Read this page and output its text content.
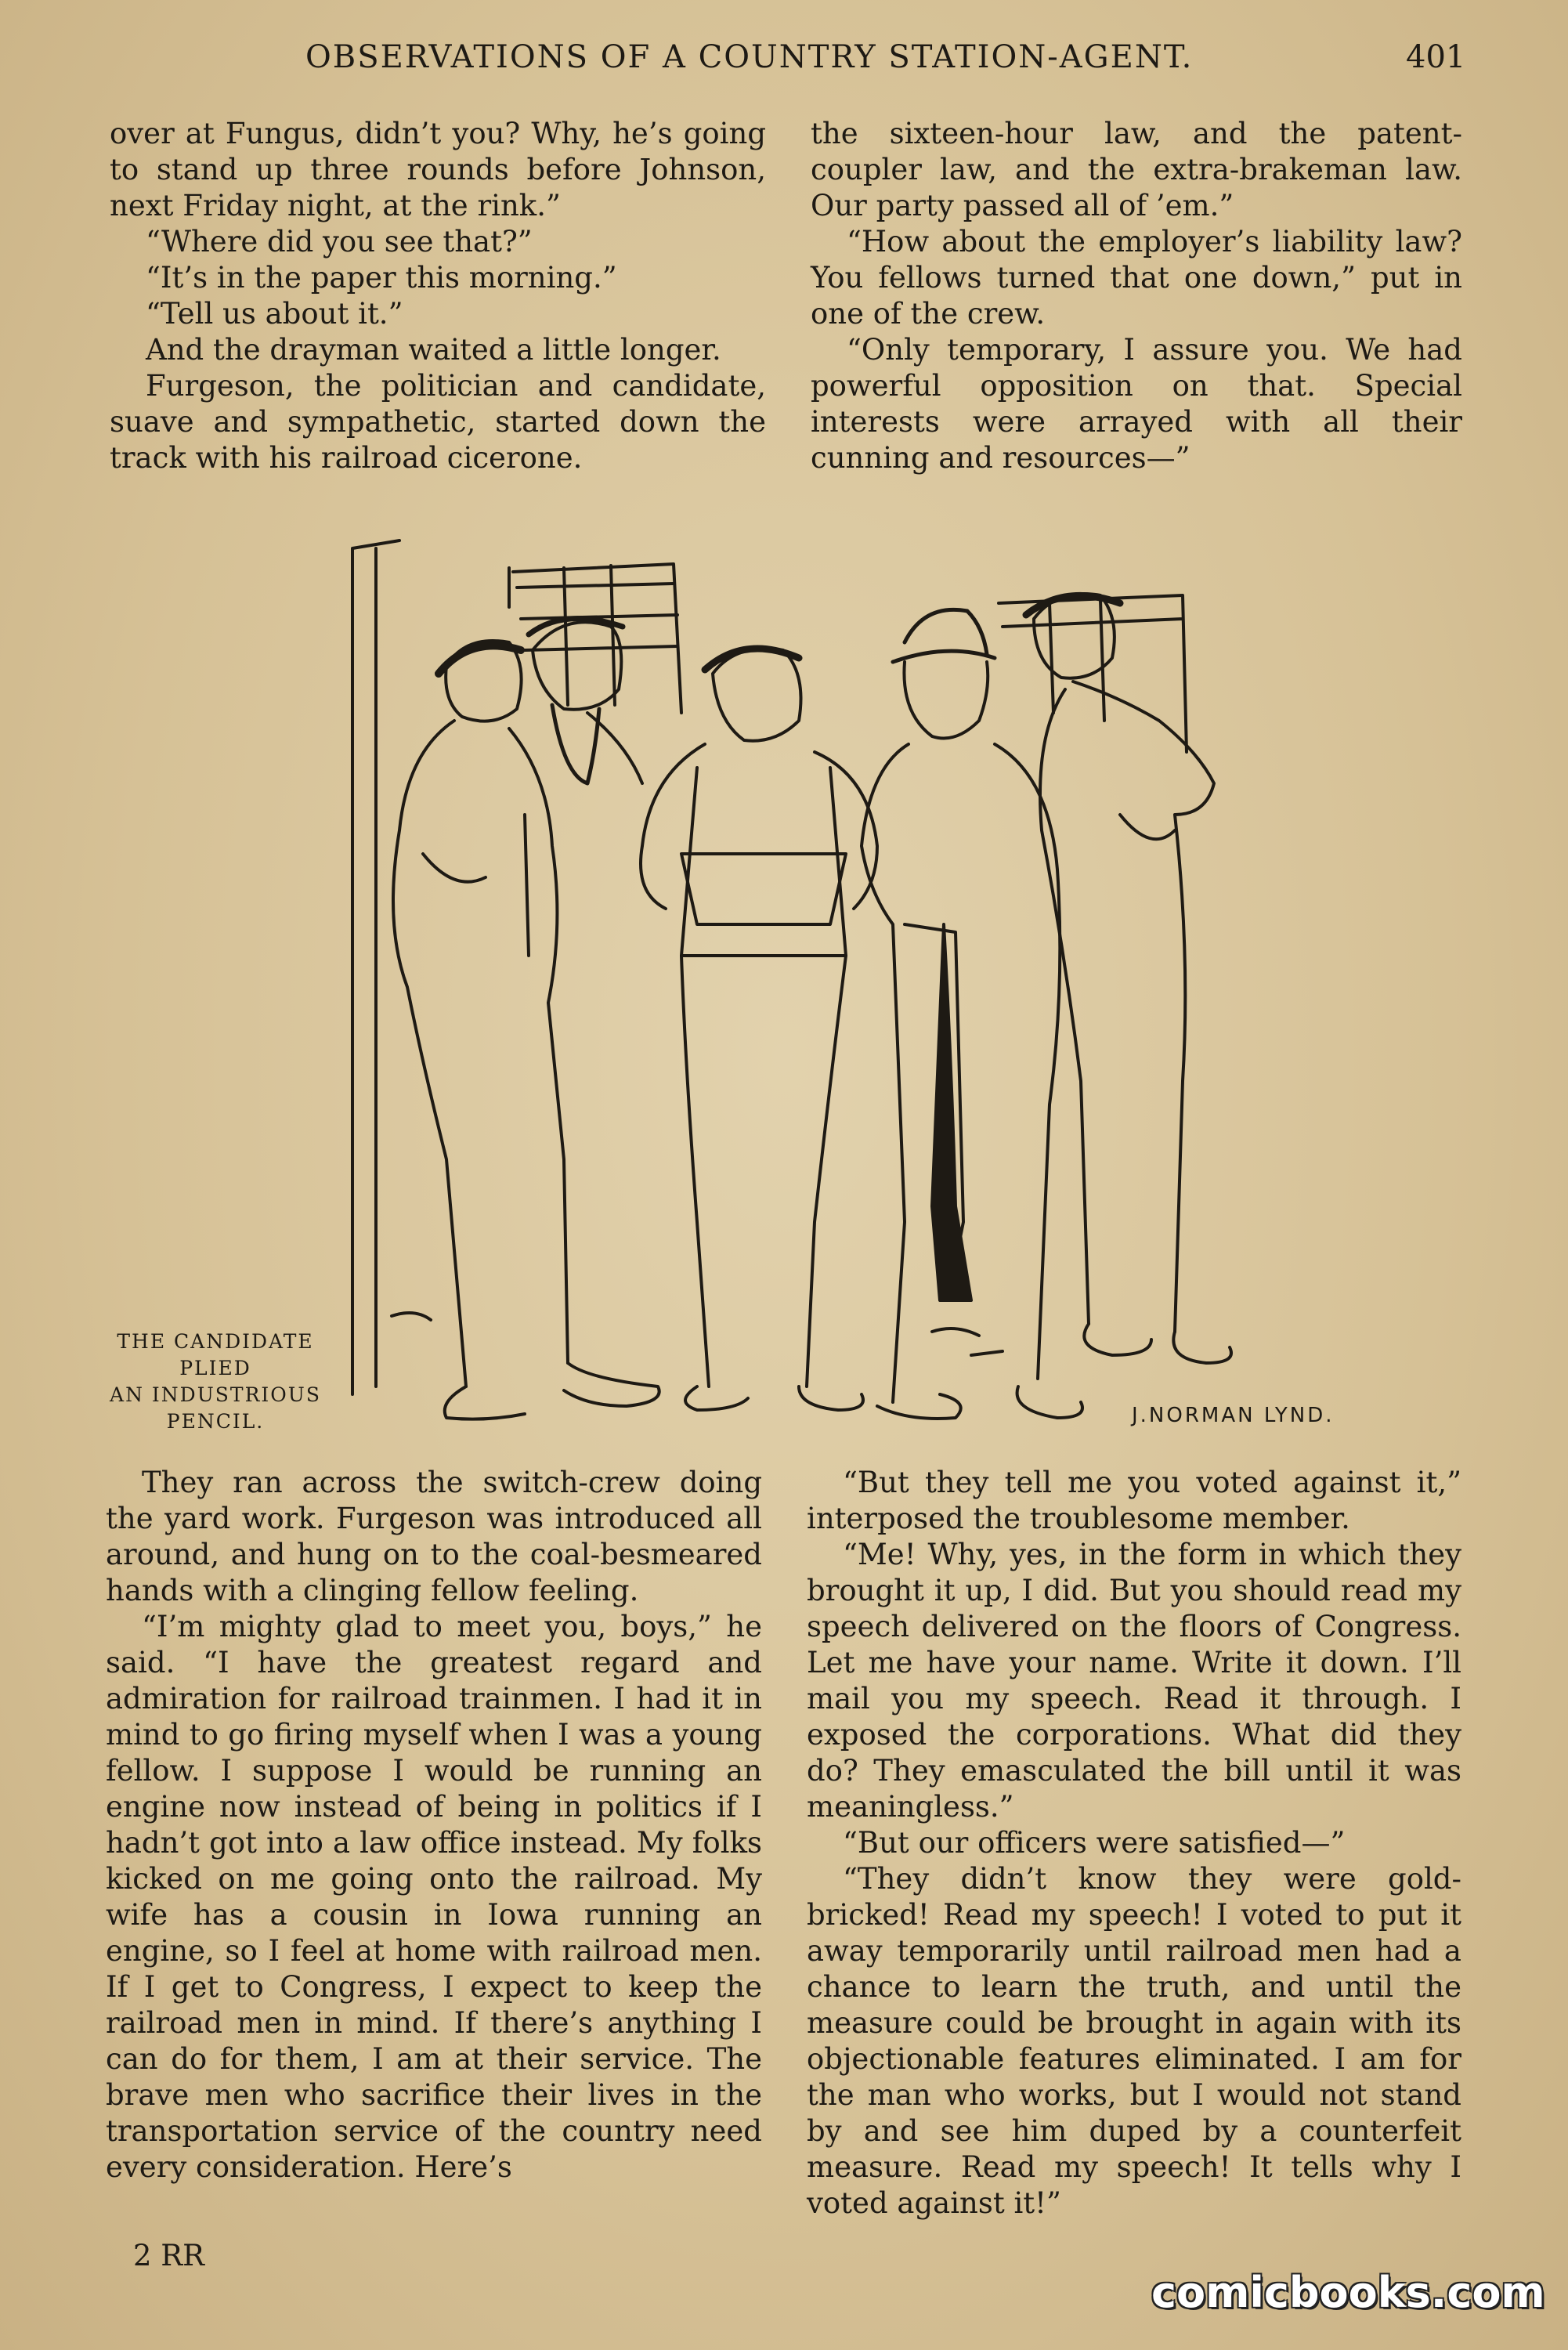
OBSERVATIONS OF A COUNTRY STATION-AGENT.	401

over at Fungus, didn’t you? Why, he’s going to stand up three rounds before Johnson, next Friday night, at the rink.”

“Where did you see that?”

“It’s in the paper this morning.”

“Tell us about it.”

And the drayman waited a little longer.

Furgeson, the politician and candidate, suave and sympathetic, started down the track with his railroad cicerone.

the sixteen-hour law, and the patent-coupler law, and the extra-brakeman law. Our party passed all of ’em.”

“How about the employer’s liability law? You fellows turned that one down,” put in one of the crew.

“Only temporary, I assure you. We had powerful opposition on that. Special interests were arrayed with all their cunning and resources—”

THE CANDIDATE PLIED
AN INDUSTRIOUS
PENCIL.	J.NORMAN LYND.

They ran across the switch-crew doing the yard work. Furgeson was introduced all around, and hung on to the coal-besmeared hands with a clinging fellow feeling.

“I’m mighty glad to meet you, boys,” he said. “I have the greatest regard and admiration for railroad trainmen. I had it in mind to go firing myself when I was a young fellow. I suppose I would be running an engine now instead of being in politics if I hadn’t got into a law office instead. My folks kicked on me going onto the railroad. My wife has a cousin in Iowa running an engine, so I feel at home with railroad men. If I get to Congress, I expect to keep the railroad men in mind. If there’s anything I can do for them, I am at their service. The brave men who sacrifice their lives in the transportation service of the country need every consideration. Here’s

“But they tell me you voted against it,” interposed the troublesome member.

“Me! Why, yes, in the form in which they brought it up, I did. But you should read my speech delivered on the floors of Congress. Let me have your name. Write it down. I’ll mail you my speech. Read it through. I exposed the corporations. What did they do? They emasculated the bill until it was meaningless.”

“But our officers were satisfied—”

“They didn’t know they were gold-bricked! Read my speech! I voted to put it away temporarily until railroad men had a chance to learn the truth, and until the measure could be brought in again with its objectionable features eliminated. I am for the man who works, but I would not stand by and see him duped by a counterfeit measure. Read my speech! It tells why I voted against it!”

2 RR
comicbooks.com
